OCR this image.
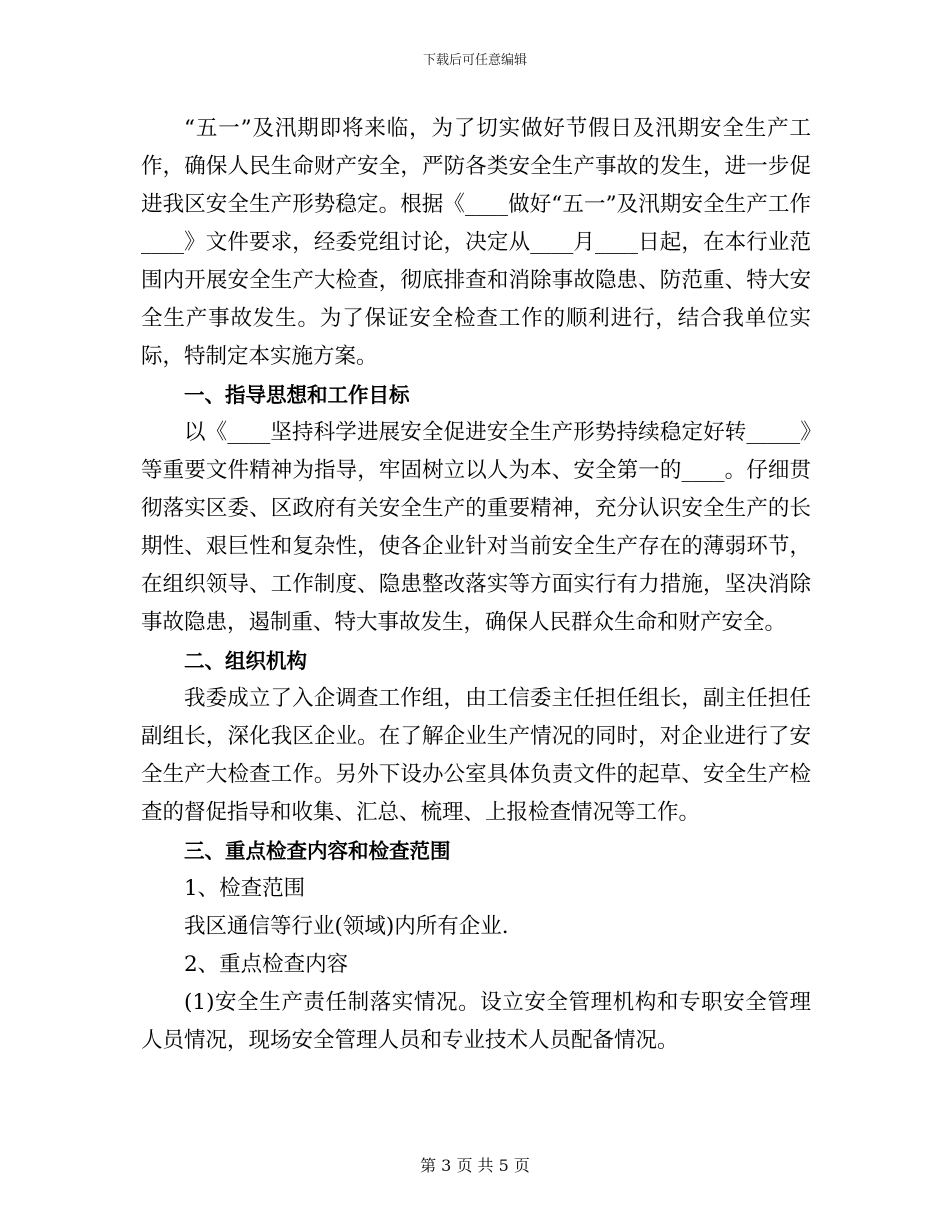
下载后可任意编辑

“五一”及汛期即将来临，为了切实做好节假日及汛期安全生产工作，确保人民生命财产安全，严防各类安全生产事故的发生，进一步促进我区安全生产形势稳定。根据《____做好“五一”及汛期安全生产工作____》文件要求，经委党组讨论，决定从____月____日起，在本行业范围内开展安全生产大检查，彻底排查和消除事故隐患、防范重、特大安全生产事故发生。为了保证安全检查工作的顺利进行，结合我单位实际，特制定本实施方案。

一、指导思想和工作目标

以《____坚持科学进展安全促进安全生产形势持续稳定好转_____》等重要文件精神为指导，牢固树立以人为本、安全第一的____。仔细贯彻落实区委、区政府有关安全生产的重要精神，充分认识安全生产的长期性、艰巨性和复杂性，使各企业针对当前安全生产存在的薄弱环节，在组织领导、工作制度、隐患整改落实等方面实行有力措施，坚决消除事故隐患，遏制重、特大事故发生，确保人民群众生命和财产安全。

二、组织机构

我委成立了入企调查工作组，由工信委主任担任组长，副主任担任副组长，深化我区企业。在了解企业生产情况的同时，对企业进行了安全生产大检查工作。另外下设办公室具体负责文件的起草、安全生产检查的督促指导和收集、汇总、梳理、上报检查情况等工作。

三、重点检查内容和检查范围

1、检查范围

我区通信等行业(领域)内所有企业.

2、重点检查内容

(1)安全生产责任制落实情况。设立安全管理机构和专职安全管理人员情况，现场安全管理人员和专业技术人员配备情况。

第 3 页 共 5 页
